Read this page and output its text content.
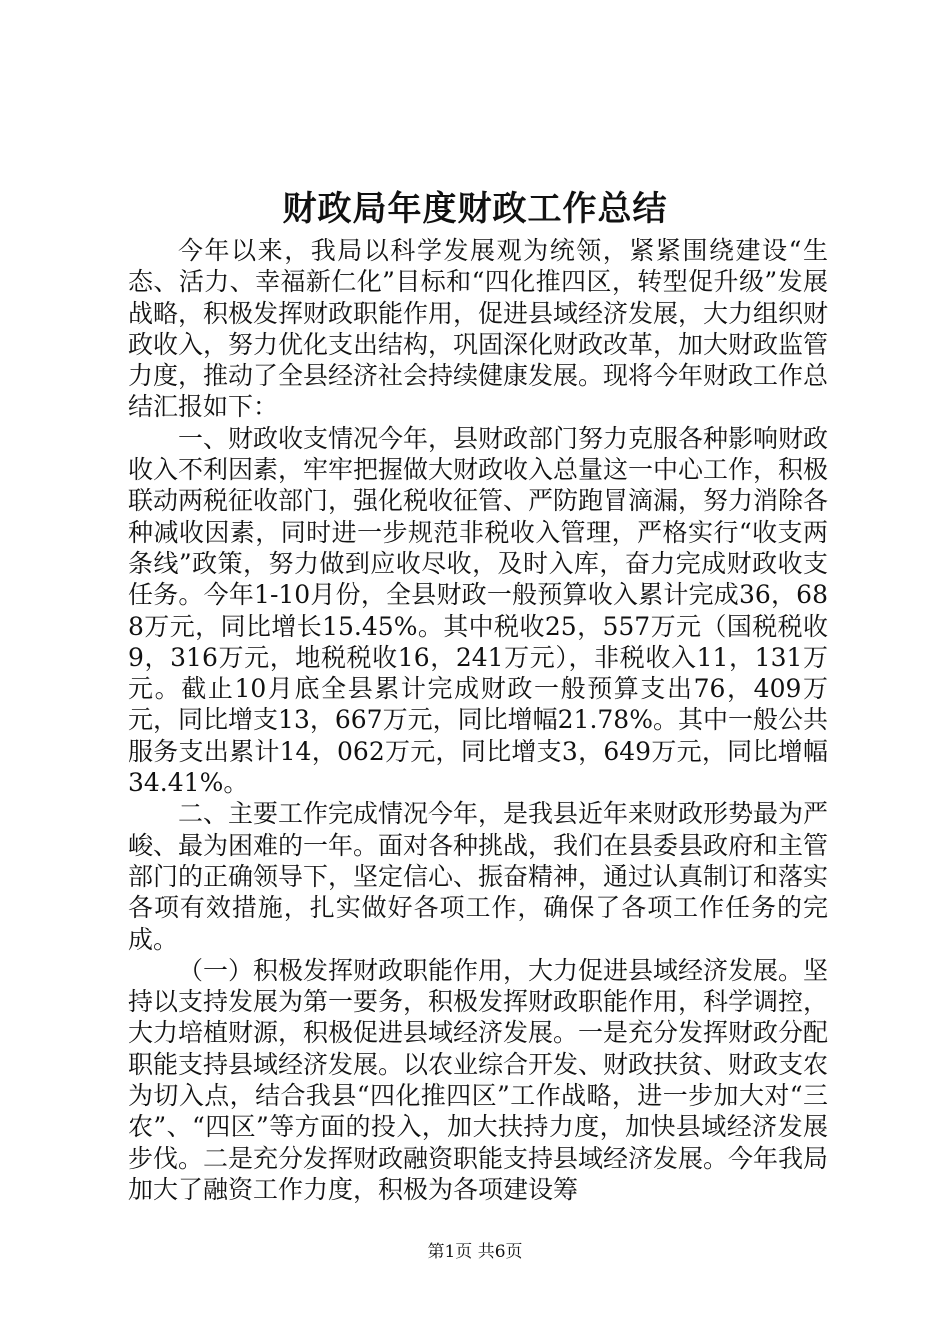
财政局年度财政工作总结

今年以来，我局以科学发展观为统领，紧紧围绕建设“生态、活力、幸福新仁化”目标和“四化推四区，转型促升级”发展战略，积极发挥财政职能作用，促进县域经济发展，大力组织财政收入，努力优化支出结构，巩固深化财政改革，加大财政监管力度，推动了全县经济社会持续健康发展。现将今年财政工作总结汇报如下：

一、财政收支情况今年，县财政部门努力克服各种影响财政收入不利因素，牢牢把握做大财政收入总量这一中心工作，积极联动两税征收部门，强化税收征管、严防跑冒滴漏，努力消除各种减收因素，同时进一步规范非税收入管理，严格实行“收支两条线”政策，努力做到应收尽收，及时入库，奋力完成财政收支任务。今年1-10月份，全县财政一般预算收入累计完成36，688万元，同比增长15.45%。其中税收25，557万元（国税税收9，316万元，地税税收16，241万元），非税收入11，131万元。截止10月底全县累计完成财政一般预算支出76，409万元，同比增支13，667万元，同比增幅21.78%。其中一般公共服务支出累计14，062万元，同比增支3，649万元，同比增幅34.41%。

二、主要工作完成情况今年，是我县近年来财政形势最为严峻、最为困难的一年。面对各种挑战，我们在县委县政府和主管部门的正确领导下，坚定信心、振奋精神，通过认真制订和落实各项有效措施，扎实做好各项工作，确保了各项工作任务的完成。

（一）积极发挥财政职能作用，大力促进县域经济发展。坚持以支持发展为第一要务，积极发挥财政职能作用，科学调控，大力培植财源，积极促进县域经济发展。一是充分发挥财政分配职能支持县域经济发展。以农业综合开发、财政扶贫、财政支农为切入点，结合我县“四化推四区”工作战略，进一步加大对“三农”、“四区”等方面的投入，加大扶持力度，加快县域经济发展步伐。二是充分发挥财政融资职能支持县域经济发展。今年我局加大了融资工作力度，积极为各项建设筹

第1页 共6页
